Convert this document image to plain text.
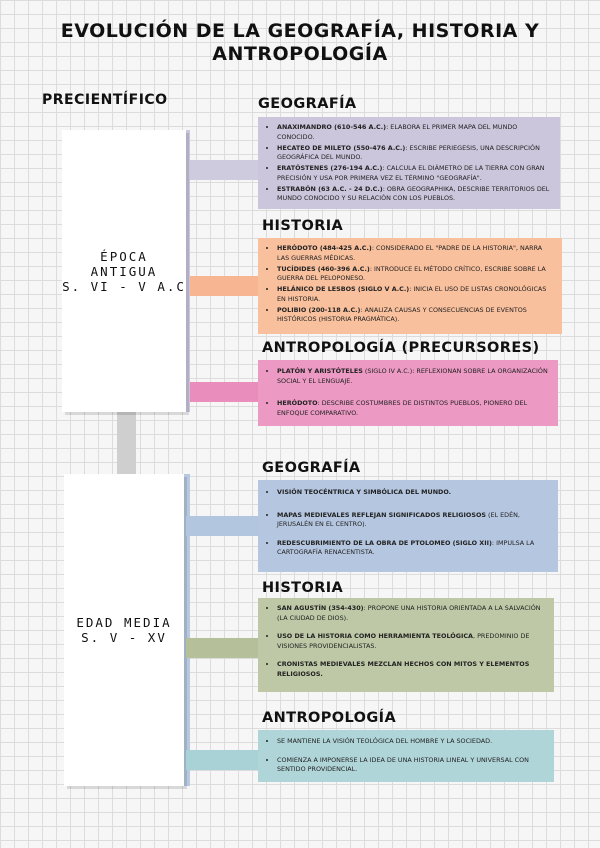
EVOLUCIÓN DE LA GEOGRAFÍA, HISTORIA Y ANTROPOLOGÍA
PRECIENTÍFICO
ÉPOCA
ANTIGUA
S. VI - V A.C
GEOGRAFÍA
HISTORIA
ANTROPOLOGÍA (PRECURSORES)
• ANAXIMANDRO (610-546 A.C.): ELABORA EL PRIMER MAPA DEL MUNDO CONOCIDO.
• HECATEO DE MILETO (550-476 A.C.): ESCRIBE PERIEGESIS, UNA DESCRIPCIÓN GEOGRÁFICA DEL MUNDO.
• ERATÓSTENES (276-194 A.C.): CALCULA EL DIÁMETRO DE LA TIERRA CON GRAN PRECISIÓN Y USA POR PRIMERA VEZ EL TÉRMINO "GEOGRAFÍA".
• ESTRABÓN (63 A.C. - 24 D.C.): OBRA GEOGRAPHIKA, DESCRIBE TERRITORIOS DEL MUNDO CONOCIDO Y SU RELACIÓN CON LOS PUEBLOS.
• HERÓDOTO (484-425 A.C.): CONSIDERADO EL "PADRE DE LA HISTORIA", NARRA LAS GUERRAS MÉDICAS.
• TUCÍDIDES (460-396 A.C.): INTRODUCE EL MÉTODO CRÍTICO, ESCRIBE SOBRE LA GUERRA DEL PELOPONESO.
• HELÁNICO DE LESBOS (SIGLO V A.C.): INICIA EL USO DE LISTAS CRONOLÓGICAS EN HISTORIA.
• POLIBIO (200-118 A.C.): ANALIZA CAUSAS Y CONSECUENCIAS DE EVENTOS HISTÓRICOS (HISTORIA PRAGMÁTICA).
• PLATÓN Y ARISTÓTELES (SIGLO IV A.C.): REFLEXIONAN SOBRE LA ORGANIZACIÓN SOCIAL Y EL LENGUAJE.
• HERÓDOTO: DESCRIBE COSTUMBRES DE DISTINTOS PUEBLOS, PIONERO DEL ENFOQUE COMPARATIVO.
EDAD MEDIA
S. V - XV
GEOGRAFÍA
HISTORIA
ANTROPOLOGÍA
• VISIÓN TEOCÉNTRICA Y SIMBÓLICA DEL MUNDO.
• MAPAS MEDIEVALES REFLEJAN SIGNIFICADOS RELIGIOSOS (EL EDÉN, JERUSALÉN EN EL CENTRO).
• REDESCUBRIMIENTO DE LA OBRA DE PTOLOMEO (SIGLO XII): IMPULSA LA CARTOGRAFÍA RENACENTISTA.
• SAN AGUSTÍN (354-430): PROPONE UNA HISTORIA ORIENTADA A LA SALVACIÓN (LA CIUDAD DE DIOS).
• USO DE LA HISTORIA COMO HERRAMIENTA TEOLÓGICA, PREDOMINIO DE VISIONES PROVIDENCIALISTAS.
• CRONISTAS MEDIEVALES MEZCLAN HECHOS CON MITOS Y ELEMENTOS RELIGIOSOS.
• SE MANTIENE LA VISIÓN TEOLÓGICA DEL HOMBRE Y LA SOCIEDAD.
• COMIENZA A IMPONERSE LA IDEA DE UNA HISTORIA LINEAL Y UNIVERSAL CON SENTIDO PROVIDENCIAL.
